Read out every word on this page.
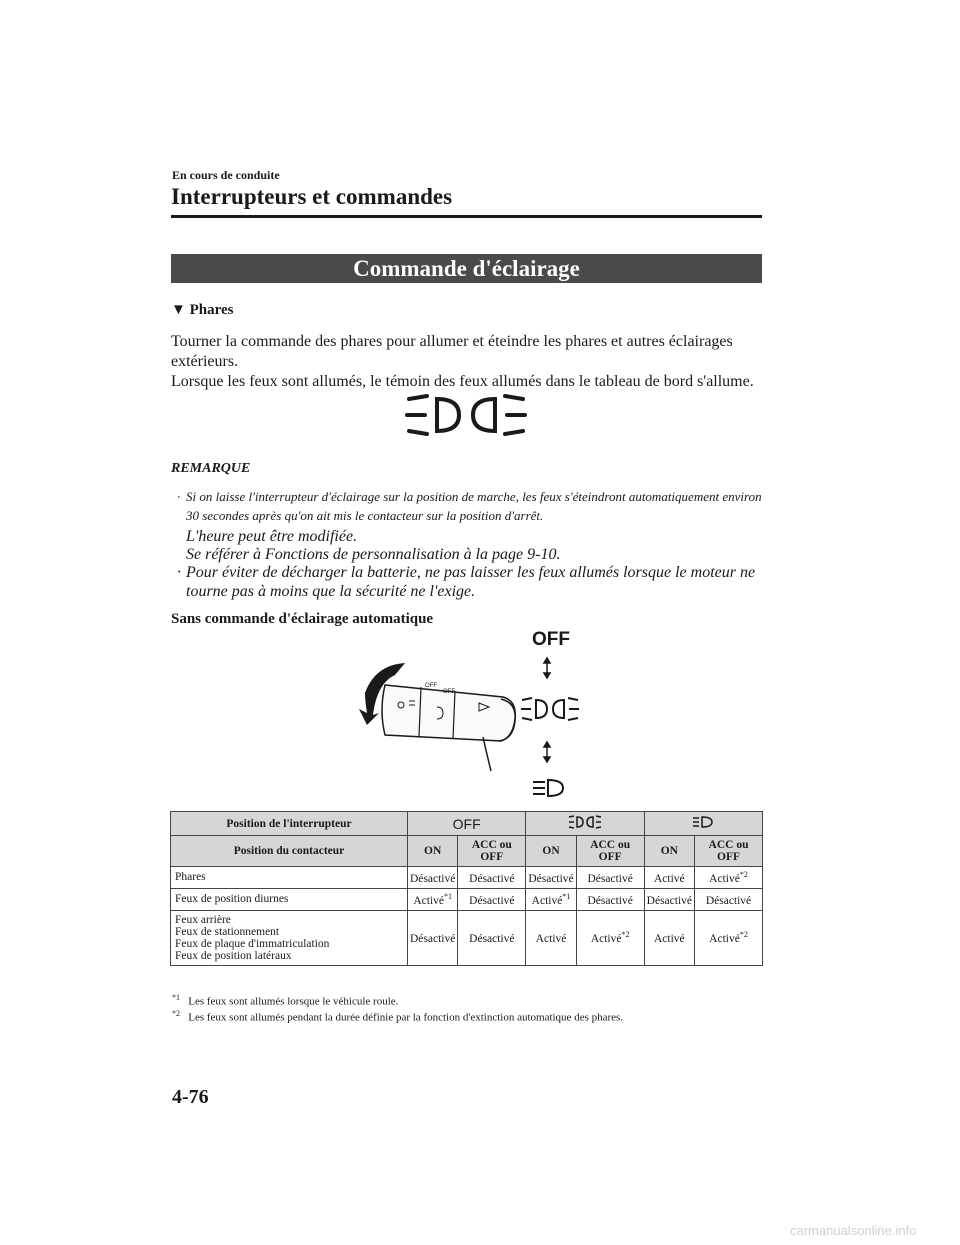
En cours de conduite
Interrupteurs et commandes
Commande d'éclairage
▼ Phares
Tourner la commande des phares pour allumer et éteindre les phares et autres éclairages extérieurs.
Lorsque les feux sont allumés, le témoin des feux allumés dans le tableau de bord s'allume.
REMARQUE
· Si on laisse l'interrupteur d'éclairage sur la position de marche, les feux s'éteindront automatiquement environ 30 secondes après qu'on ait mis le contacteur sur la position d'arrêt.
L'heure peut être modifiée.
Se référer à Fonctions de personnalisation à la page 9-10.
· Pour éviter de décharger la batterie, ne pas laisser les feux allumés lorsque le moteur ne tourne pas à moins que la sécurité ne l'exige.
Sans commande d'éclairage automatique
OFF
OFF
OFF
Position de l'interrupteur	OFF		
Position du contacteur	ON	ACC ou OFF	ON	ACC ou OFF	ON	ACC ou OFF
Phares	Désactivé	Désactivé	Désactivé	Désactivé	Activé	Activé$^{*2}$
Feux de position diurnes	Activé$^{*1}$	Désactivé	Activé$^{*1}$	Désactivé	Désactivé	Désactivé

Feux arrière
Feux de stationnement
Feux de plaque d'immatriculation
Feux de position latéraux	Désactivé	Désactivé	Activé	Activé$^{*2}$	Activé	Activé$^{*2}$
$^{*1}$ Les feux sont allumés lorsque le véhicule roule.
$^{*2}$ Les feux sont allumés pendant la durée définie par la fonction d'extinction automatique des phares.
4-76
carmanualsonline.info
